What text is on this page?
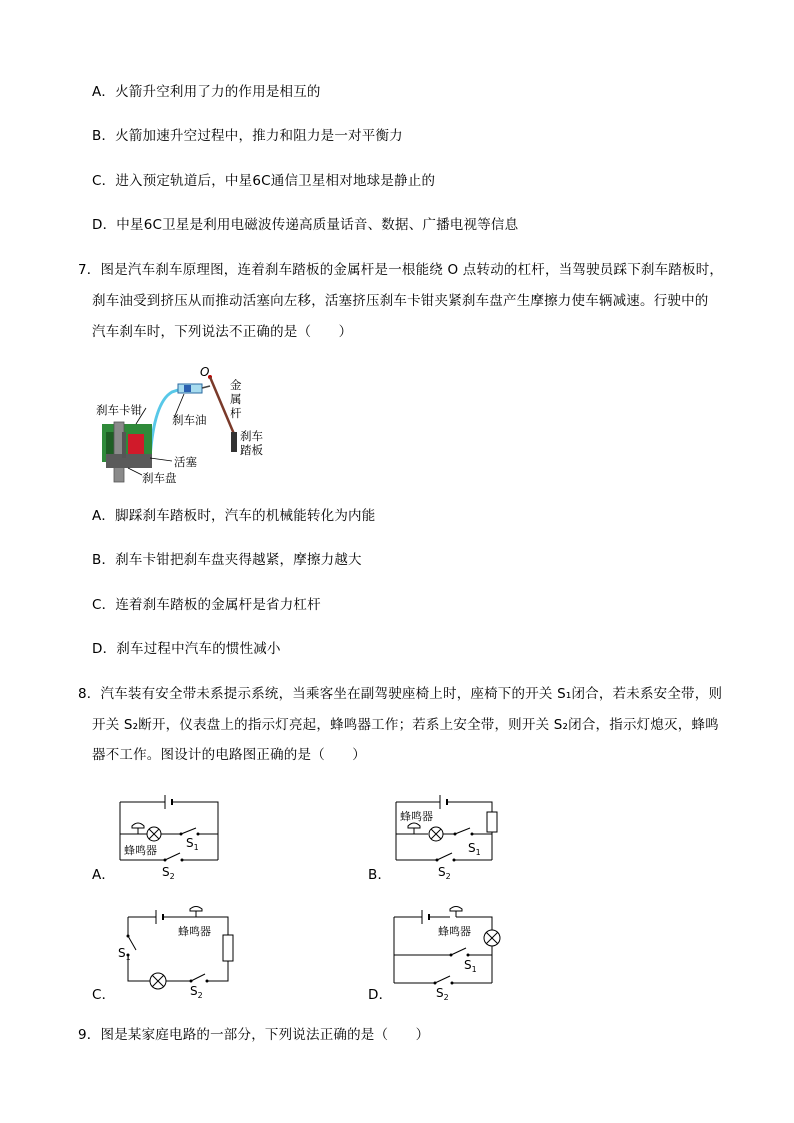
A．火箭升空利用了力的作用是相互的
B．火箭加速升空过程中，推力和阻力是一对平衡力
C．进入预定轨道后，中星6C通信卫星相对地球是静止的
D．中星6C卫星是利用电磁波传递高质量话音、数据、广播电视等信息
7．图是汽车刹车原理图，连着刹车踏板的金属杆是一根能绕 O 点转动的杠杆，当驾驶员踩下刹车踏板时，
刹车油受到挤压从而推动活塞向左移，活塞挤压刹车卡钳夹紧刹车盘产生摩擦力使车辆减速。行驶中的
汽车刹车时，下列说法不正确的是（　　）
O
刹车卡钳
刹车油
金
属
杆
刹车
踏板
活塞
刹车盘
A．脚踩刹车踏板时，汽车的机械能转化为内能
B．刹车卡钳把刹车盘夹得越紧，摩擦力越大
C．连着刹车踏板的金属杆是省力杠杆
D．刹车过程中汽车的惯性减小
8．汽车装有安全带未系提示系统，当乘客坐在副驾驶座椅上时，座椅下的开关 S₁闭合，若未系安全带，则
开关 S₂断开，仪表盘上的指示灯亮起，蜂鸣器工作；若系上安全带，则开关 S₂闭合，指示灯熄灭，蜂鸣
器不工作。图设计的电路图正确的是（　　）
蜂鸣器
$S_1$
$S_2$
A．
蜂鸣器
$S_1$
$S_2$
B．
蜂鸣器
$S_1$
$S_2$
C．
蜂鸣器
$S_1$
$S_2$
D．
9．图是某家庭电路的一部分，下列说法正确的是（　　）
